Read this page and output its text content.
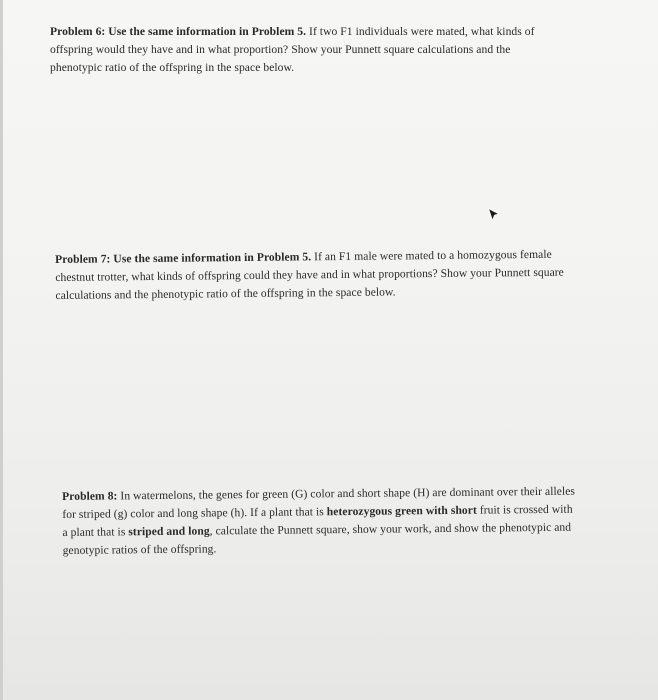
Problem 6: Use the same information in Problem 5. If two F1 individuals were mated, what kinds of

offspring would they have and in what proportion? Show your Punnett square calculations and the

phenotypic ratio of the offspring in the space below.

Problem 7: Use the same information in Problem 5. If an F1 male were mated to a homozygous female

chestnut trotter, what kinds of offspring could they have and in what proportions? Show your Punnett square

calculations and the phenotypic ratio of the offspring in the space below.

Problem 8: In watermelons, the genes for green (G) color and short shape (H) are dominant over their alleles

for striped (g) color and long shape (h). If a plant that is heterozygous green with short fruit is crossed with

a plant that is striped and long, calculate the Punnett square, show your work, and show the phenotypic and

genotypic ratios of the offspring.
